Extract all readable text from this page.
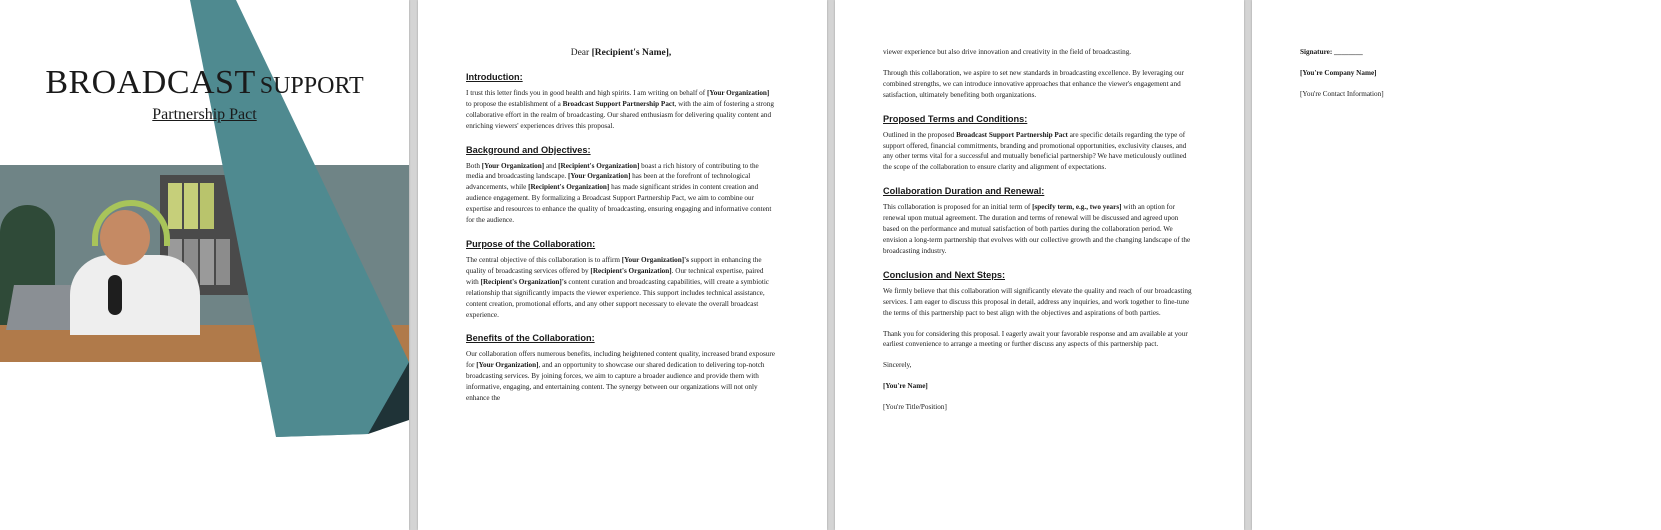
BROADCAST SUPPORT
Partnership Pact
Dear [Recipient's Name],
Introduction:

I trust this letter finds you in good health and high spirits. I am writing on behalf of [Your Organization] to propose the establishment of a Broadcast Support Partnership Pact, with the aim of fostering a strong collaborative effort in the realm of broadcasting. Our shared enthusiasm for delivering quality content and enriching viewers' experiences drives this proposal.

Background and Objectives:

Both [Your Organization] and [Recipient's Organization] boast a rich history of contributing to the media and broadcasting landscape. [Your Organization] has been at the forefront of technological advancements, while [Recipient's Organization] has made significant strides in content creation and audience engagement. By formalizing a Broadcast Support Partnership Pact, we aim to combine our expertise and resources to enhance the quality of broadcasting, ensuring engaging and informative content for the audience.

Purpose of the Collaboration:

The central objective of this collaboration is to affirm [Your Organization]'s support in enhancing the quality of broadcasting services offered by [Recipient's Organization]. Our technical expertise, paired with [Recipient's Organization]'s content curation and broadcasting capabilities, will create a symbiotic relationship that significantly impacts the viewer experience. This support includes technical assistance, content creation, promotional efforts, and any other support necessary to elevate the overall broadcast experience.

Benefits of the Collaboration:

Our collaboration offers numerous benefits, including heightened content quality, increased brand exposure for [Your Organization], and an opportunity to showcase our shared dedication to delivering top-notch broadcasting services. By joining forces, we aim to capture a broader audience and provide them with informative, engaging, and entertaining content. The synergy between our organizations will not only enhance the

viewer experience but also drive innovation and creativity in the field of broadcasting.

Through this collaboration, we aspire to set new standards in broadcasting excellence. By leveraging our combined strengths, we can introduce innovative approaches that enhance the viewer's engagement and satisfaction, ultimately benefiting both organizations.

Proposed Terms and Conditions:

Outlined in the proposed Broadcast Support Partnership Pact are specific details regarding the type of support offered, financial commitments, branding and promotional opportunities, exclusivity clauses, and any other terms vital for a successful and mutually beneficial partnership? We have meticulously outlined the scope of the collaboration to ensure clarity and alignment of expectations.

Collaboration Duration and Renewal:

This collaboration is proposed for an initial term of [specify term, e.g., two years] with an option for renewal upon mutual agreement. The duration and terms of renewal will be discussed and agreed upon based on the performance and mutual satisfaction of both parties during the collaboration period. We envision a long-term partnership that evolves with our collective growth and the changing landscape of the broadcasting industry.

Conclusion and Next Steps:

We firmly believe that this collaboration will significantly elevate the quality and reach of our broadcasting services. I am eager to discuss this proposal in detail, address any inquiries, and work together to fine-tune the terms of this partnership pact to best align with the objectives and aspirations of both parties.

Thank you for considering this proposal. I eagerly await your favorable response and am available at your earliest convenience to arrange a meeting or further discuss any aspects of this partnership pact.

Sincerely,

[You're Name]

[You're Title/Position]

Signature: ________
[You're Company Name]
[You're Contact Information]
